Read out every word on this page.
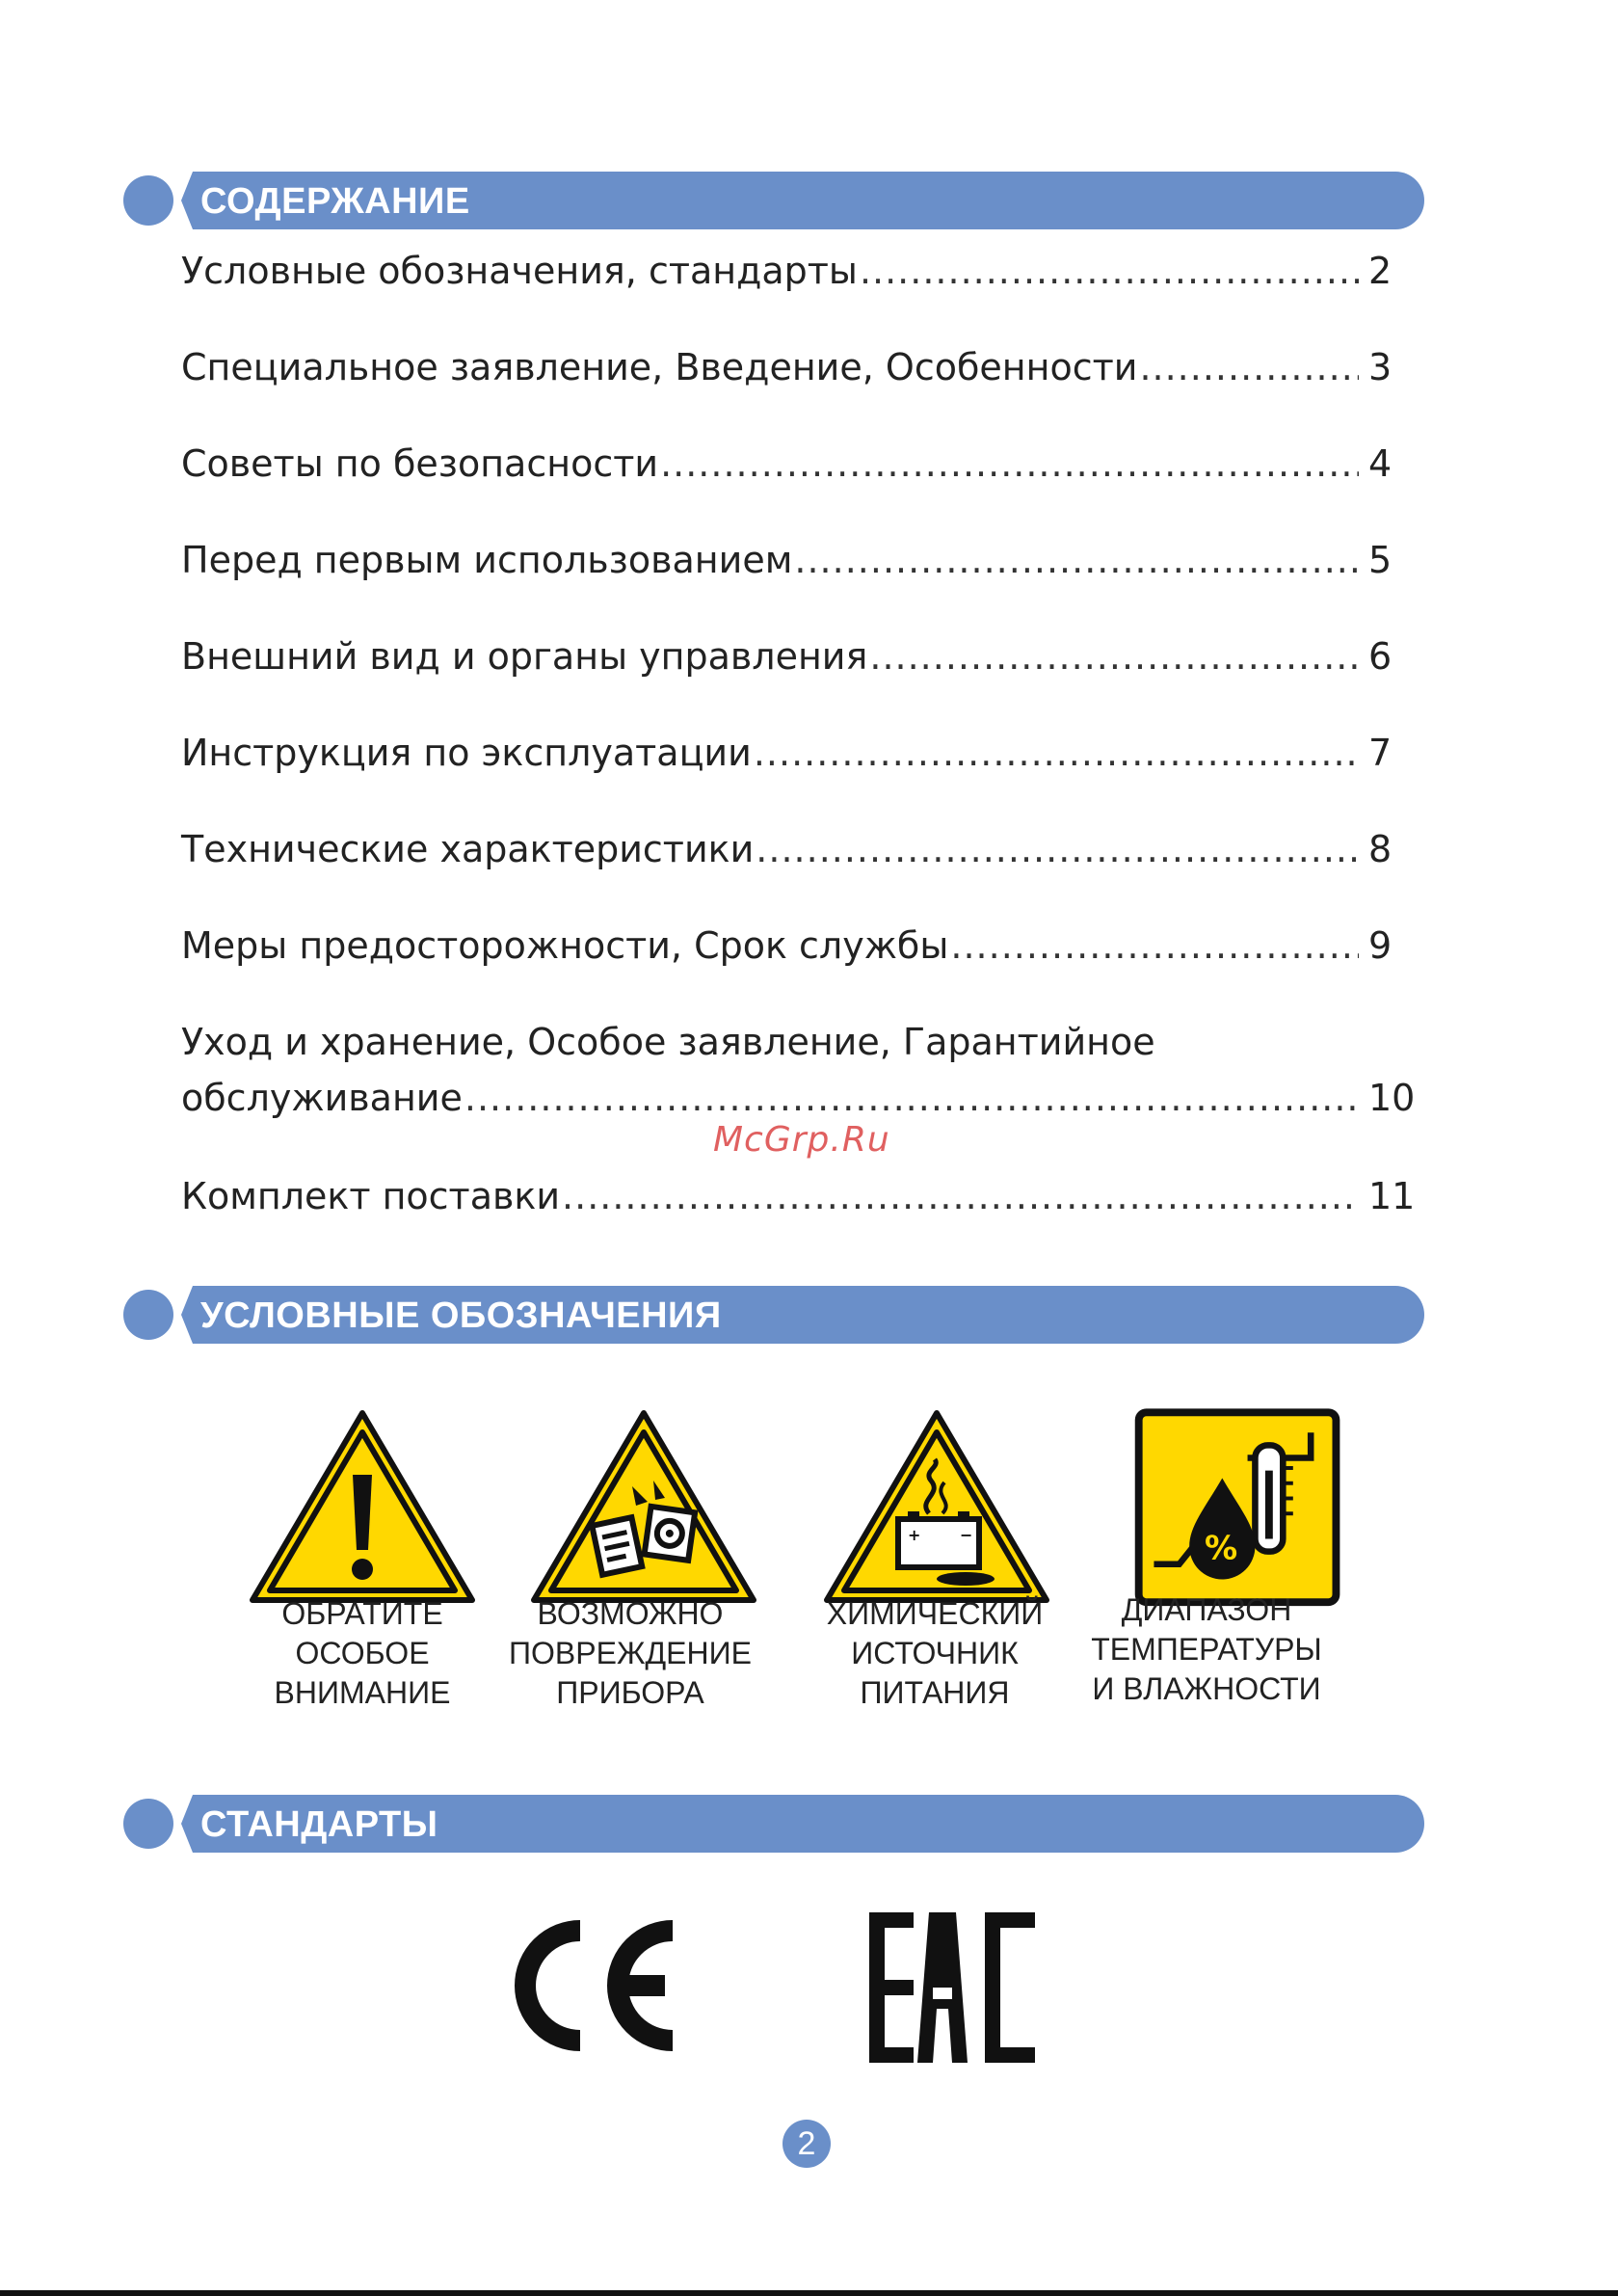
СОДЕРЖАНИЕ
Условные обозначения, стандарты .....	2
Специальное заявление, Введение, Особенности .....	3
Советы по безопасности .....	4
Перед первым использованием .....	5
Внешний вид и органы управления .....	6
Инструкция по эксплуатации .....	7
Технические характеристики .....	8
Меры предосторожности, Срок службы .....	9
Уход и хранение, Особое заявление, Гарантийное
обслуживание .....	10
Комплект поставки .....	11
McGrp.Ru
УСЛОВНЫЕ ОБОЗНАЧЕНИЯ
+	−	%
ОБРАТИТЕ
ОСОБОЕ
ВНИМАНИЕ
ВОЗМОЖНО
ПОВРЕЖДЕНИЕ
ПРИБОРА
ХИМИЧЕСКИЙ
ИСТОЧНИК
ПИТАНИЯ
ДИАПАЗОН
ТЕМПЕРАТУРЫ
И ВЛАЖНОСТИ
СТАНДАРТЫ
2
